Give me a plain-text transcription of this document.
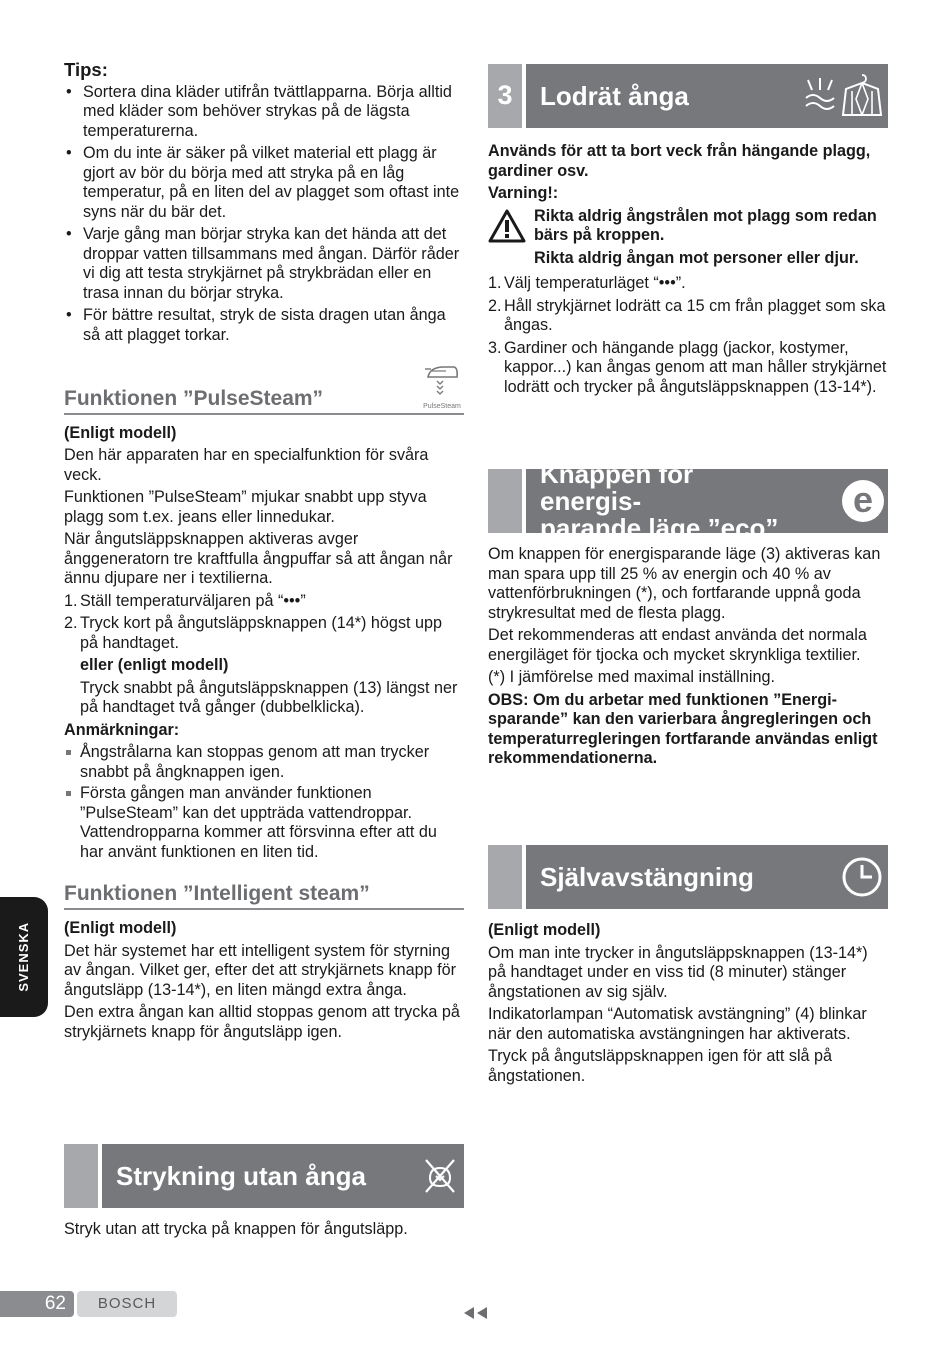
Tips:
• Sortera dina kläder utifrån tvättlapparna. Börja alltid med kläder som behöver strykas på de lägsta temperaturerna.
• Om du inte är säker på vilket material ett plagg är gjort av bör du börja med att stryka på en låg temperatur, på en liten del av plagget som oftast inte syns när du bär det.
• Varje gång man börjar stryka kan det hända att det droppar vatten tillsammans med ångan. Därför råder vi dig att testa strykjärnet på strykbrädan eller en trasa innan du börjar stryka.
• För bättre resultat, stryk de sista dragen utan ånga så att plagget torkar.
Funktionen ”PulseSteam”	PulseSteam

(Enligt modell)

Den här apparaten har en specialfunktion för svåra veck.

Funktionen ”PulseSteam” mjukar snabbt upp styva plagg som t.ex. jeans eller linnedukar.

När ångutsläppsknappen aktiveras avger ånggeneratorn tre kraftfulla ångpuffar så att ångan når ännu djupare ner i textilierna.

1. Ställ temperaturväljaren på “•••”
2. Tryck kort på ångutsläppsknappen (14*) högst upp på handtaget.

eller (enligt modell)

Tryck snabbt på ångutsläppsknappen (13) längst ner på handtaget två gånger (dubbelklicka).

Anmärkningar:

Ångstrålarna kan stoppas genom att man trycker snabbt på ångknappen igen.
Första gången man använder funktionen ”PulseSteam” kan det uppträda vattendroppar. Vattendropparna kommer att försvinna efter att du har använt funktionen en liten tid.
Funktionen ”Intelligent steam”

(Enligt modell)

Det här systemet har ett intelligent system för styrning av ångan. Vilket ger, efter det att strykjärnets knapp för ångutsläpp (13-14*), en liten mängd extra ånga.

Den extra ångan kan alltid stoppas genom att trycka på strykjärnets knapp för ångutsläpp igen.

Strykning utan ånga

Stryk utan att trycka på knappen för ångutsläpp.

3	Lodrät ånga

Används för att ta bort veck från hängande plagg, gardiner osv.

Varning!:

Rikta aldrig ångstrålen mot plagg som redan bärs på kroppen.

Rikta aldrig ångan mot personer eller djur.

1. Välj temperaturläget “•••”.
2. Håll strykjärnet lodrätt ca 15 cm från plagget som ska ångas.
3. Gardiner och hängande plagg (jackor, kostymer, kappor...) kan ångas genom att man håller strykjärnet lodrätt och trycker på ångutsläppsknappen (13-14*).
Knappen för energis-
parande läge ”eco”
e

Om knappen för energisparande läge (3) aktiveras kan man spara upp till 25 % av energin och 40 % av vattenförbrukningen (*), och fortfarande uppnå goda strykresultat med de flesta plagg.

Det rekommenderas att endast använda det normala energiläget för tjocka och mycket skrynkliga textilier.

(*) I jämförelse med maximal inställning.

OBS: Om du arbetar med funktionen ”Energi-sparande” kan den varierbara ångregleringen och temperaturregleringen fortfarande användas enligt rekommendationerna.

Självavstängning

(Enligt modell)

Om man inte trycker in ångutsläppsknappen (13-14*) på handtaget under en viss tid (8 minuter) stänger ångstationen av sig själv.

Indikatorlampan “Automatisk avstängning” (4) blinkar när den automatiska avstängningen har aktiverats.

Tryck på ångutsläppsknappen igen för att slå på ångstationen.

SVENSKA
62	BOSCH
